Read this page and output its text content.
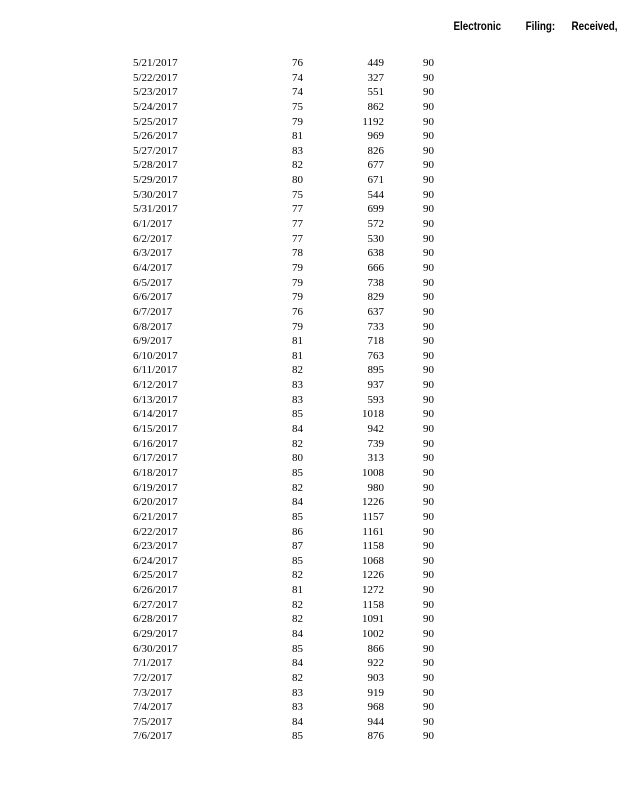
Electronic Filing: Received,
5/21/2017	76	449	90
5/22/2017	74	327	90
5/23/2017	74	551	90
5/24/2017	75	862	90
5/25/2017	79	1192	90
5/26/2017	81	969	90
5/27/2017	83	826	90
5/28/2017	82	677	90
5/29/2017	80	671	90
5/30/2017	75	544	90
5/31/2017	77	699	90
6/1/2017	77	572	90
6/2/2017	77	530	90
6/3/2017	78	638	90
6/4/2017	79	666	90
6/5/2017	79	738	90
6/6/2017	79	829	90
6/7/2017	76	637	90
6/8/2017	79	733	90
6/9/2017	81	718	90
6/10/2017	81	763	90
6/11/2017	82	895	90
6/12/2017	83	937	90
6/13/2017	83	593	90
6/14/2017	85	1018	90
6/15/2017	84	942	90
6/16/2017	82	739	90
6/17/2017	80	313	90
6/18/2017	85	1008	90
6/19/2017	82	980	90
6/20/2017	84	1226	90
6/21/2017	85	1157	90
6/22/2017	86	1161	90
6/23/2017	87	1158	90
6/24/2017	85	1068	90
6/25/2017	82	1226	90
6/26/2017	81	1272	90
6/27/2017	82	1158	90
6/28/2017	82	1091	90
6/29/2017	84	1002	90
6/30/2017	85	866	90
7/1/2017	84	922	90
7/2/2017	82	903	90
7/3/2017	83	919	90
7/4/2017	83	968	90
7/5/2017	84	944	90
7/6/2017	85	876	90
